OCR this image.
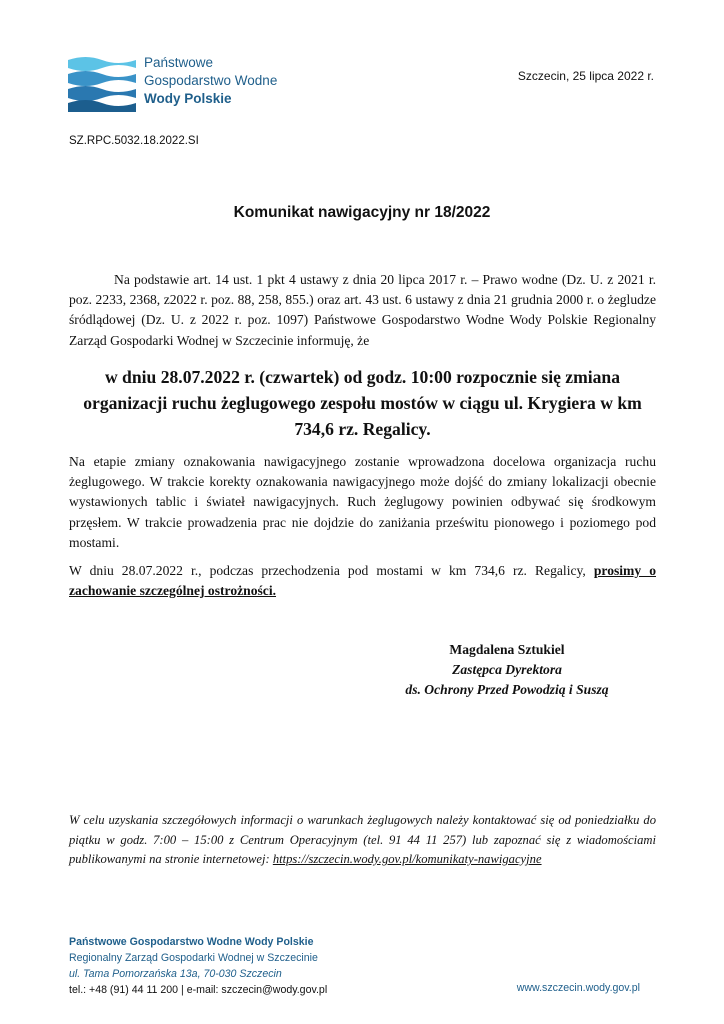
Państwowe
Gospodarstwo Wodne
Wody Polskie
Szczecin, 25 lipca 2022 r.
SZ.RPC.5032.18.2022.SI
Komunikat nawigacyjny nr 18/2022
Na podstawie art. 14 ust. 1 pkt 4 ustawy z dnia 20 lipca 2017 r. – Prawo wodne (Dz. U. z 2021 r. poz. 2233, 2368, z2022 r. poz. 88, 258, 855.) oraz art. 43 ust. 6 ustawy z dnia 21 grudnia 2000 r. o żegludze śródlądowej (Dz. U. z 2022 r. poz. 1097) Państwowe Gospodarstwo Wodne Wody Polskie Regionalny Zarząd Gospodarki Wodnej w Szczecinie informuję, że
w dniu 28.07.2022 r. (czwartek) od godz. 10:00 rozpocznie się zmiana organizacji ruchu żeglugowego zespołu mostów w ciągu ul. Krygiera w km 734,6 rz. Regalicy.
Na etapie zmiany oznakowania nawigacyjnego zostanie wprowadzona docelowa organizacja ruchu żeglugowego. W trakcie korekty oznakowania nawigacyjnego może dojść do zmiany lokalizacji obecnie wystawionych tablic i świateł nawigacyjnych. Ruch żeglugowy powinien odbywać się środkowym przęsłem. W trakcie prowadzenia prac nie dojdzie do zaniżania prześwitu pionowego i poziomego pod mostami.
W dniu 28.07.2022 r., podczas przechodzenia pod mostami w km 734,6 rz. Regalicy, prosimy o zachowanie szczególnej ostrożności.
Magdalena Sztukiel
Zastępca Dyrektora
ds. Ochrony Przed Powodzią i Suszą
W celu uzyskania szczegółowych informacji o warunkach żeglugowych należy kontaktować się od poniedziałku do piątku w godz. 7:00 – 15:00 z Centrum Operacyjnym (tel. 91 44 11 257) lub zapoznać się z wiadomościami publikowanymi na stronie internetowej: https://szczecin.wody.gov.pl/komunikaty-nawigacyjne
Państwowe Gospodarstwo Wodne Wody Polskie
Regionalny Zarząd Gospodarki Wodnej w Szczecinie
ul. Tama Pomorzańska 13a, 70-030 Szczecin
tel.: +48 (91) 44 11 200 | e-mail: szczecin@wody.gov.pl	www.szczecin.wody.gov.pl
